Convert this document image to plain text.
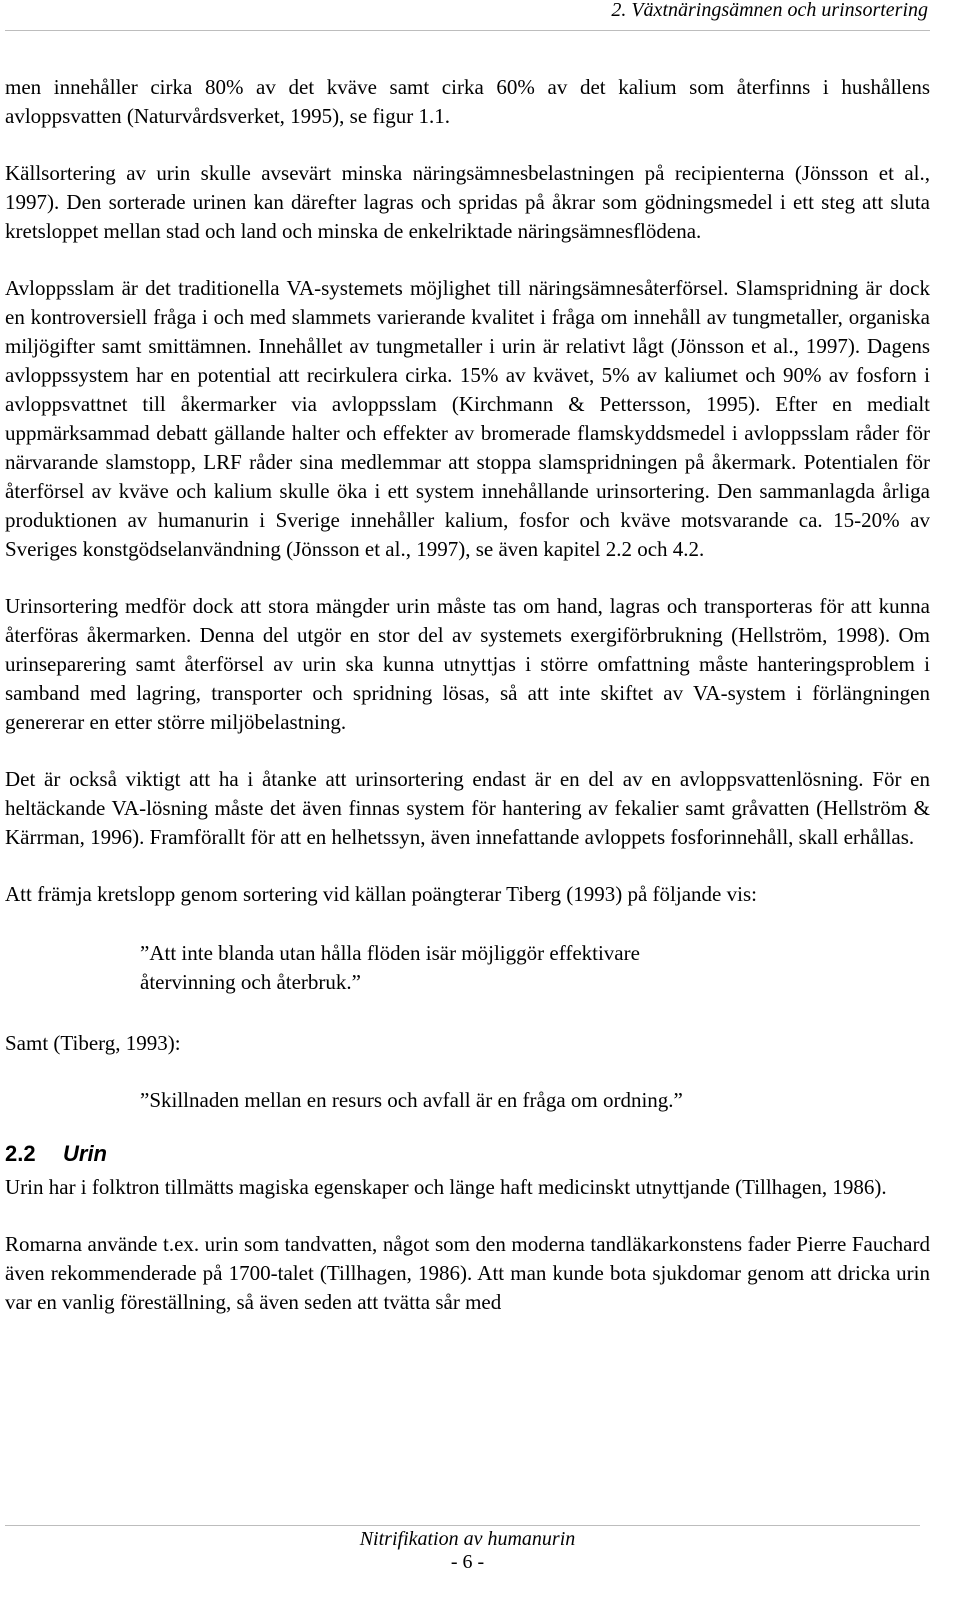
2. Växtnäringsämnen och urinsortering

men innehåller cirka 80% av det kväve samt cirka 60% av det kalium som återfinns i hushållens avloppsvatten (Naturvårdsverket, 1995), se figur 1.1.

Källsortering av urin skulle avsevärt minska näringsämnesbelastningen på recipienterna (Jönsson et al., 1997). Den sorterade urinen kan därefter lagras och spridas på åkrar som gödningsmedel i ett steg att sluta kretsloppet mellan stad och land och minska de enkelriktade näringsämnesflödena.

Avloppsslam är det traditionella VA-systemets möjlighet till näringsämnesåterförsel. Slamspridning är dock en kontroversiell fråga i och med slammets varierande kvalitet i fråga om innehåll av tungmetaller, organiska miljögifter samt smittämnen. Innehållet av tungmetaller i urin är relativt lågt (Jönsson et al., 1997). Dagens avloppssystem har en potential att recirkulera cirka. 15% av kvävet, 5% av kaliumet och 90% av fosforn i avloppsvattnet till åkermarker via avloppsslam (Kirchmann & Pettersson, 1995). Efter en medialt uppmärksammad debatt gällande halter och effekter av bromerade flamskyddsmedel i avloppsslam råder för närvarande slamstopp, LRF råder sina medlemmar att stoppa slamspridningen på åkermark. Potentialen för återförsel av kväve och kalium skulle öka i ett system innehållande urinsortering. Den sammanlagda årliga produktionen av humanurin i Sverige innehåller kalium, fosfor och kväve motsvarande ca. 15-20% av Sveriges konstgödselanvändning (Jönsson et al., 1997), se även kapitel 2.2 och 4.2.

Urinsortering medför dock att stora mängder urin måste tas om hand, lagras och transporteras för att kunna återföras åkermarken. Denna del utgör en stor del av systemets exergiförbrukning (Hellström, 1998). Om urinseparering samt återförsel av urin ska kunna utnyttjas i större omfattning måste hanteringsproblem i samband med lagring, transporter och spridning lösas, så att inte skiftet av VA-system i förlängningen genererar en etter större miljöbelastning.

Det är också viktigt att ha i åtanke att urinsortering endast är en del av en avloppsvattenlösning. För en heltäckande VA-lösning måste det även finnas system för hantering av fekalier samt gråvatten (Hellström & Kärrman, 1996). Framförallt för att en helhetssyn, även innefattande avloppets fosforinnehåll, skall erhållas.

Att främja kretslopp genom sortering vid källan poängterar Tiberg (1993) på följande vis:

”Att inte blanda utan hålla flöden isär möjliggör effektivare återvinning och återbruk.”
Samt (Tiberg, 1993):
”Skillnaden mellan en resurs och avfall är en fråga om ordning.”
2.2 Urin

Urin har i folktron tillmätts magiska egenskaper och länge haft medicinskt utnyttjande (Tillhagen, 1986).

Romarna använde t.ex. urin som tandvatten, något som den moderna tandläkarkonstens fader Pierre Fauchard även rekommenderade på 1700-talet (Tillhagen, 1986). Att man kunde bota sjukdomar genom att dricka urin var en vanlig föreställning, så även seden att tvätta sår med

Nitrifikation av humanurin
- 6 -
